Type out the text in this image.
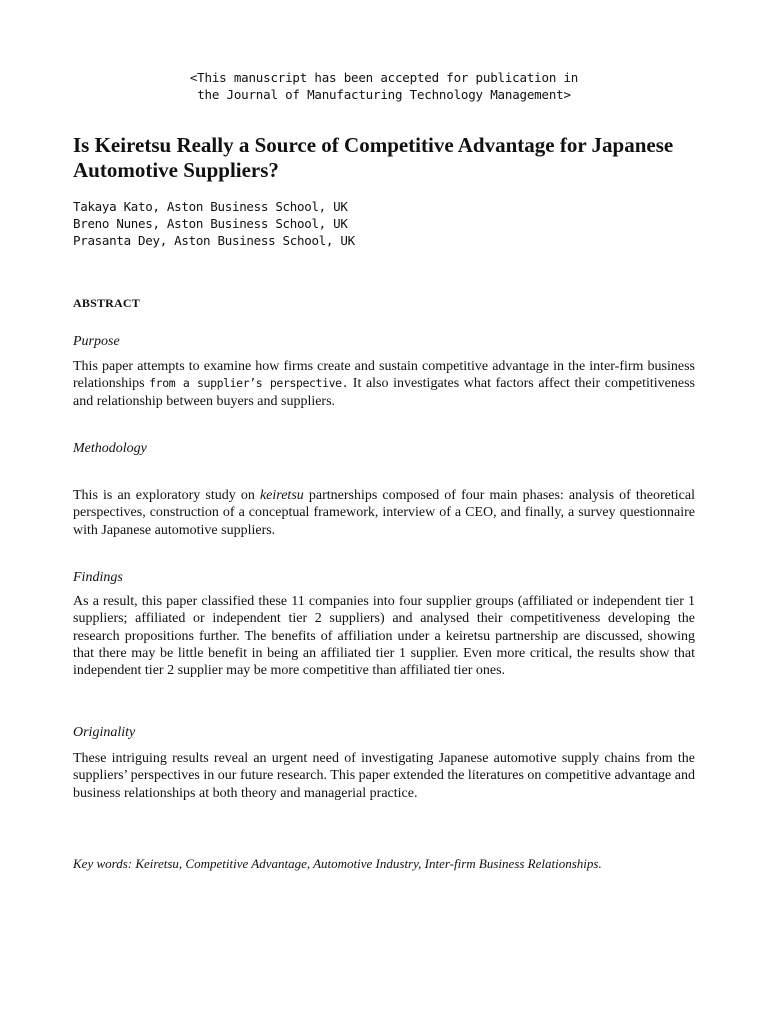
<This manuscript has been accepted for publication in
the Journal of Manufacturing Technology Management>
Is Keiretsu Really a Source of Competitive Advantage for Japanese Automotive Suppliers?
Takaya Kato, Aston Business School, UK
Breno Nunes, Aston Business School, UK
Prasanta Dey, Aston Business School, UK
ABSTRACT
Purpose

This paper attempts to examine how firms create and sustain competitive advantage in the inter-firm business relationships from a supplier’s perspective. It also investigates what factors affect their competitiveness and relationship between buyers and suppliers.

Methodology

This is an exploratory study on keiretsu partnerships composed of four main phases: analysis of theoretical perspectives, construction of a conceptual framework, interview of a CEO, and finally, a survey questionnaire with Japanese automotive suppliers.

Findings

As a result, this paper classified these 11 companies into four supplier groups (affiliated or independent tier 1 suppliers; affiliated or independent tier 2 suppliers) and analysed their competitiveness developing the research propositions further. The benefits of affiliation under a keiretsu partnership are discussed, showing that there may be little benefit in being an affiliated tier 1 supplier. Even more critical, the results show that independent tier 2 supplier may be more competitive than affiliated tier ones.

Originality

These intriguing results reveal an urgent need of investigating Japanese automotive supply chains from the suppliers’ perspectives in our future research. This paper extended the literatures on competitive advantage and business relationships at both theory and managerial practice.

Key words: Keiretsu, Competitive Advantage, Automotive Industry, Inter-firm Business Relationships.
